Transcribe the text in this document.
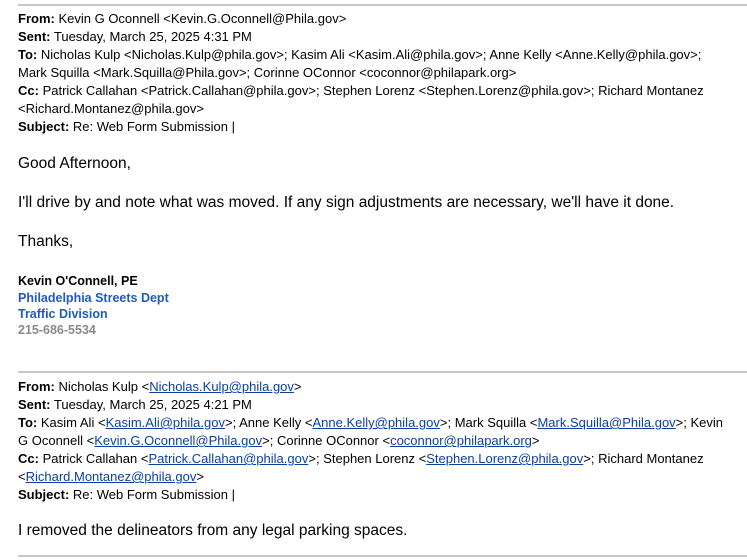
From: Kevin G Oconnell <Kevin.G.Oconnell@Phila.gov>
Sent: Tuesday, March 25, 2025 4:31 PM
To: Nicholas Kulp <Nicholas.Kulp@phila.gov>; Kasim Ali <Kasim.Ali@phila.gov>; Anne Kelly <Anne.Kelly@phila.gov>;
Mark Squilla <Mark.Squilla@Phila.gov>; Corinne OConnor <coconnor@philapark.org>
Cc: Patrick Callahan <Patrick.Callahan@phila.gov>; Stephen Lorenz <Stephen.Lorenz@phila.gov>; Richard Montanez
<Richard.Montanez@phila.gov>
Subject: Re: Web Form Submission |
Good Afternoon,
I'll drive by and note what was moved. If any sign adjustments are necessary, we'll have it done.
Thanks,
Kevin O'Connell, PE
Philadelphia Streets Dept
Traffic Division
215-686-5534
From: Nicholas Kulp <Nicholas.Kulp@phila.gov>
Sent: Tuesday, March 25, 2025 4:21 PM
To: Kasim Ali <Kasim.Ali@phila.gov>; Anne Kelly <Anne.Kelly@phila.gov>; Mark Squilla <Mark.Squilla@Phila.gov>; Kevin
G Oconnell <Kevin.G.Oconnell@Phila.gov>; Corinne OConnor <coconnor@philapark.org>
Cc: Patrick Callahan <Patrick.Callahan@phila.gov>; Stephen Lorenz <Stephen.Lorenz@phila.gov>; Richard Montanez
<Richard.Montanez@phila.gov>
Subject: Re: Web Form Submission |
I removed the delineators from any legal parking spaces.
